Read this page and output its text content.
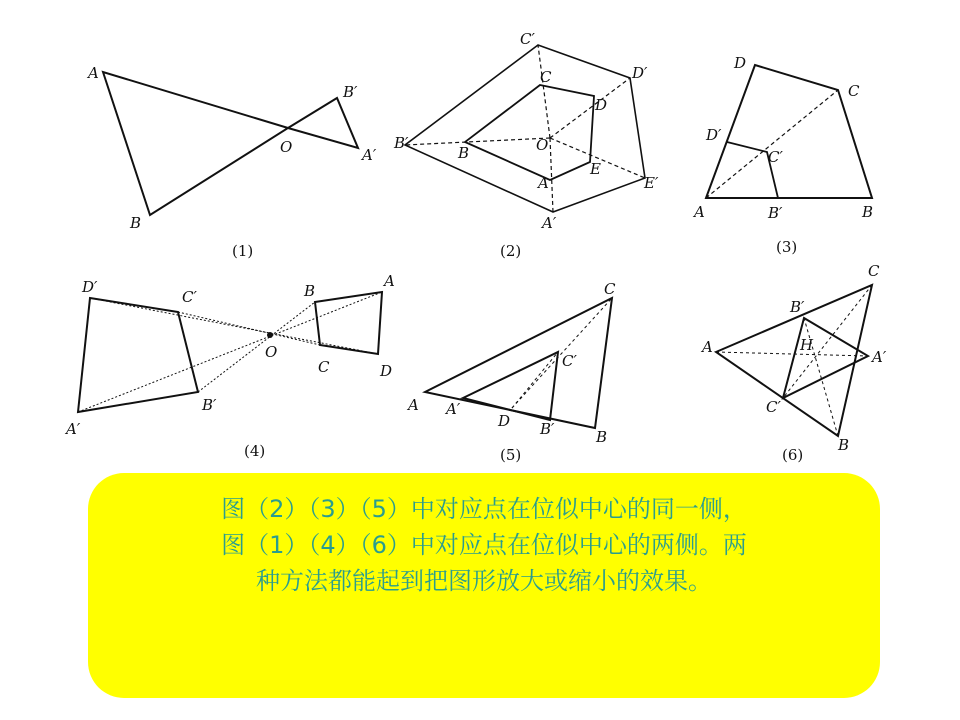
A
B
O
B′
A′
(1)
C′
D′
C
D
B′
B	O
E
A	E′
A′
(2)
D
C
D′
C′
A	B′	B
(3)
D′
C′	B
A
O
C	D
B′
A′
(4)
C
C′
A A′
D B′	B
(5)
C
B′
A	H
A′
C′
B
(6)
图（2）（3）（5）中对应点在位似中心的同一侧，
图（1）（4）（6）中对应点在位似中心的两侧。两
种方法都能起到把图形放大或缩小的效果。
